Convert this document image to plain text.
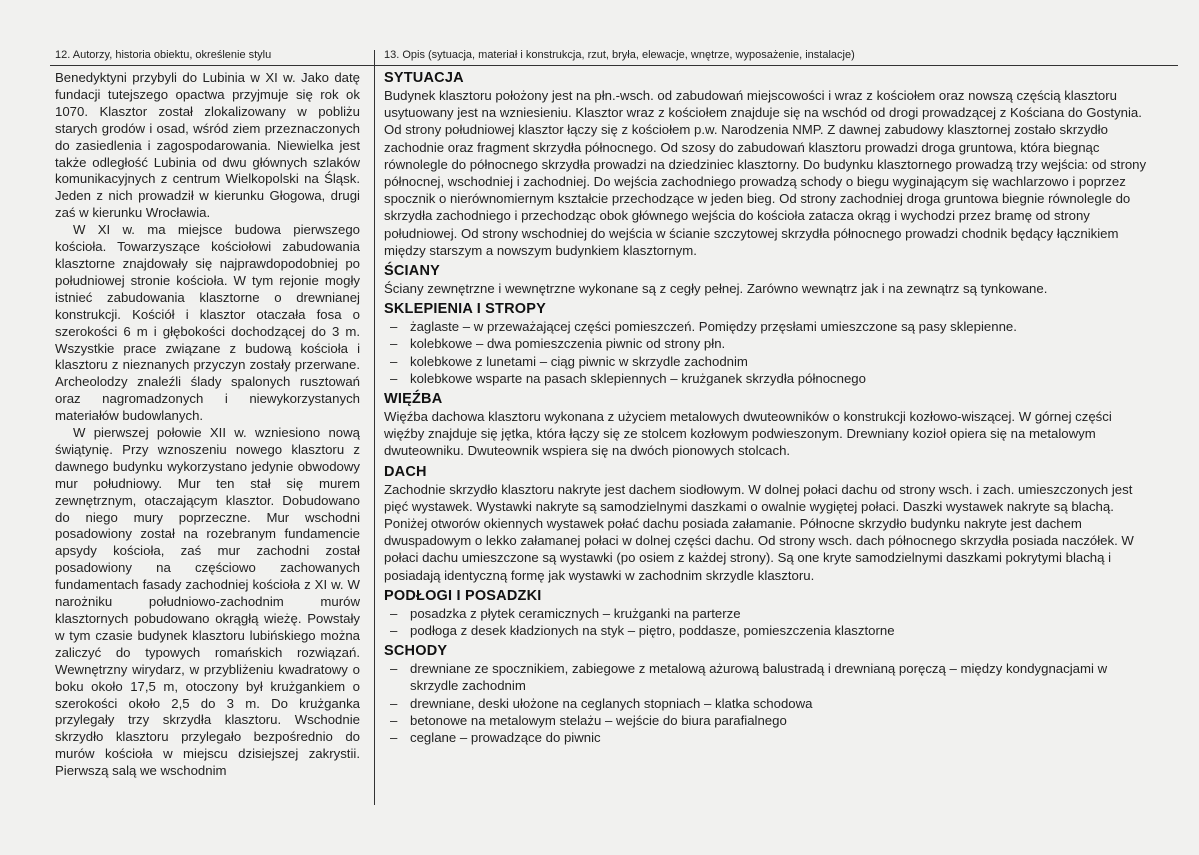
12. Autorzy, historia obiektu, określenie stylu	13. Opis (sytuacja, materiał i konstrukcja, rzut, bryła, elewacje, wnętrze, wyposażenie, instalacje)

Benedyktyni przybyli do Lubinia w XI w. Jako datę fundacji tutejszego opactwa przyjmuje się rok ok 1070. Klasztor został zlokalizowany w pobliżu starych grodów i osad, wśród ziem przeznaczonych do zasiedlenia i zagospodarowania. Niewielka jest także odległość Lubinia od dwu głównych szlaków komunikacyjnych z centrum Wielkopolski na Śląsk. Jeden z nich prowadził w kierunku Głogowa, drugi zaś w kierunku Wrocławia.

W XI w. ma miejsce budowa pierwszego kościoła. Towarzyszące kościołowi zabudowania klasztorne znajdowały się najprawdopodobniej po południowej stronie kościoła. W tym rejonie mogły istnieć zabudowania klasztorne o drewnianej konstrukcji. Kościół i klasztor otaczała fosa o szerokości 6 m i głębokości dochodzącej do 3 m. Wszystkie prace związane z budową kościoła i klasztoru z nieznanych przyczyn zostały przerwane. Archeolodzy znaleźli ślady spalonych rusztowań oraz nagromadzonych i niewykorzystanych materiałów budowlanych.

W pierwszej połowie XII w. wzniesiono nową świątynię. Przy wznoszeniu nowego klasztoru z dawnego budynku wykorzystano jedynie obwodowy mur południowy. Mur ten stał się murem zewnętrznym, otaczającym klasztor. Dobudowano do niego mury poprzeczne. Mur wschodni posadowiony został na rozebranym fundamencie apsydy kościoła, zaś mur zachodni został posadowiony na częściowo zachowanych fundamentach fasady zachodniej kościoła z XI w. W narożniku południowo-zachodnim murów klasztornych pobudowano okrągłą wieżę. Powstały w tym czasie budynek klasztoru lubińskiego można zaliczyć do typowych romańskich rozwiązań. Wewnętrzny wirydarz, w przybliżeniu kwadratowy o boku około 17,5 m, otoczony był krużgankiem o szerokości około 2,5 do 3 m. Do krużganka przylegały trzy skrzydła klasztoru. Wschodnie skrzydło klasztoru przylegało bezpośrednio do murów kościoła w miejscu dzisiejszej zakrystii. Pierwszą salą we wschodnim

SYTUACJA

Budynek klasztoru położony jest na płn.-wsch. od zabudowań miejscowości i wraz z kościołem oraz nowszą częścią klasztoru usytuowany jest na wzniesieniu. Klasztor wraz z kościołem znajduje się na wschód od drogi prowadzącej z Kościana do Gostynia. Od strony południowej klasztor łączy się z kościołem p.w. Narodzenia NMP. Z dawnej zabudowy klasztornej zostało skrzydło zachodnie oraz fragment skrzydła północnego. Od szosy do zabudowań klasztoru prowadzi droga gruntowa, która biegnąc równolegle do północnego skrzydła prowadzi na dziedziniec klasztorny. Do budynku klasztornego prowadzą trzy wejścia: od strony północnej, wschodniej i zachodniej. Do wejścia zachodniego prowadzą schody o biegu wyginającym się wachlarzowo i poprzez spocznik o nierównomiernym kształcie przechodzące w jeden bieg. Od strony zachodniej droga gruntowa biegnie równolegle do skrzydła zachodniego i przechodząc obok głównego wejścia do kościoła zatacza okrąg i wychodzi przez bramę od strony południowej. Od strony wschodniej do wejścia w ścianie szczytowej skrzydła północnego prowadzi chodnik będący łącznikiem między starszym a nowszym budynkiem klasztornym.

ŚCIANY

Ściany zewnętrzne i wewnętrzne wykonane są z cegły pełnej. Zarówno wewnątrz jak i na zewnątrz są tynkowane.

SKLEPIENIA I STROPY
– żaglaste – w przeważającej części pomieszczeń. Pomiędzy przęsłami umieszczone są pasy sklepienne.
– kolebkowe – dwa pomieszczenia piwnic od strony płn.
– kolebkowe z lunetami – ciąg piwnic w skrzydle zachodnim
– kolebkowe wsparte na pasach sklepiennych – krużganek skrzydła północnego
WIĘŹBA

Więźba dachowa klasztoru wykonana z użyciem metalowych dwuteowników o konstrukcji kozłowo-wiszącej. W górnej części więźby znajduje się jętka, która łączy się ze stolcem kozłowym podwieszonym. Drewniany kozioł opiera się na metalowym dwuteowniku. Dwuteownik wspiera się na dwóch pionowych stolcach.

DACH

Zachodnie skrzydło klasztoru nakryte jest dachem siodłowym. W dolnej połaci dachu od strony wsch. i zach. umieszczonych jest pięć wystawek. Wystawki nakryte są samodzielnymi daszkami o owalnie wygiętej połaci. Daszki wystawek nakryte są blachą. Poniżej otworów okiennych wystawek połać dachu posiada załamanie. Północne skrzydło budynku nakryte jest dachem dwuspadowym o lekko załamanej połaci w dolnej części dachu. Od strony wsch. dach północnego skrzydła posiada naczółek. W połaci dachu umieszczone są wystawki (po osiem z każdej strony). Są one kryte samodzielnymi daszkami pokrytymi blachą i posiadają identyczną formę jak wystawki w zachodnim skrzydle klasztoru.

PODŁOGI I POSADZKI
– posadzka z płytek ceramicznych – krużganki na parterze
– podłoga z desek kładzionych na styk – piętro, poddasze, pomieszczenia klasztorne
SCHODY
– drewniane ze spocznikiem, zabiegowe z metalową ażurową balustradą i drewnianą poręczą – między kondygnacjami w skrzydle zachodnim
– drewniane, deski ułożone na ceglanych stopniach – klatka schodowa
– betonowe na metalowym stelażu – wejście do biura parafialnego
– ceglane – prowadzące do piwnic
